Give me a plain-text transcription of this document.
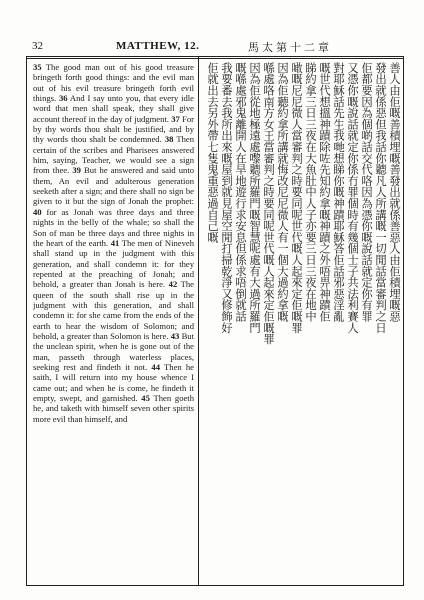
32	MATTHEW, 12.	馬太第十二章

35 The good man out of his good treasure bringeth forth good things: and the evil man out of his evil treasure bringeth forth evil things. 36 And I say unto you, that every idle word that men shall speak, they shall give account thereof in the day of judgment. 37 For by thy words thou shalt be justified, and by thy words thou shalt be condemned. 38 Then certain of the scribes and Pharisees answered him, saying, Teacher, we would see a sign from thee. 39 But he answered and said unto them, An evil and adulterous generation seeketh after a sign; and there shall no sign be given to it but the sign of Jonah the prophet: 40 for as Jonah was three days and three nights in the belly of the whale; so shall the Son of man be three days and three nights in the heart of the earth. 41 The men of Nineveh shall stand up in the judgment with this generation, and shall condemn it: for they repented at the preaching of Jonah; and behold, a greater than Jonah is here. 42 The queen of the south shall rise up in the judgment with this generation, and shall condemn it: for she came from the ends of the earth to hear the wisdom of Solomon; and behold, a greater than Solomon is here. 43 But the unclean spirit, when he is gone out of the man, passeth through waterless places, seeking rest and findeth it not. 44 Then he saith, I will return into my house whence I came out; and when he is come, he findeth it empty, swept, and garnished. 45 Then goeth he, and taketh with himself seven other spirits more evil than himself, and

善人由佢嘅善積埋嘅善發出就係善惡人由佢積埋嘅惡
發出就係惡但我話你聽凡人所講嘅一切閒話當審判之日
佢都要因為個啲話交代咯因為憑你嘅說話就定你有罪
又憑你嘅說話就定你係冇罪個時有幾個士子共法利賽人
對耶穌話先生我哋想睇你嘅神蹟耶穌答佢話邪惡淫亂
嘅世代想搵神蹟除咗先知約拿嘅神蹟之外唔畀神蹟佢
睇約拿三日三夜在大魚肚中人子亦要三日三夜在地中
噉嘅尼尼微人當審判之時要同呢世代嘅人起來定佢嘅罪
因為佢聽約拿所講就悔改尼尼微人有一個大過約拿嘅
喺處咯南方女王當審判之時要同呢世代嘅人起來定佢嘅罪
因為佢從地極遠處嚟聽所羅門嘅智慧呢處有大過所羅門
嘅喺處邪鬼離開人在旱地遊行求安息但係求唔倒就話
我要番去我所出來嘅屋到就見屋空閒打掃乾淨又修飾好
佢就出去另外帶七隻鬼重惡過自己嘅
